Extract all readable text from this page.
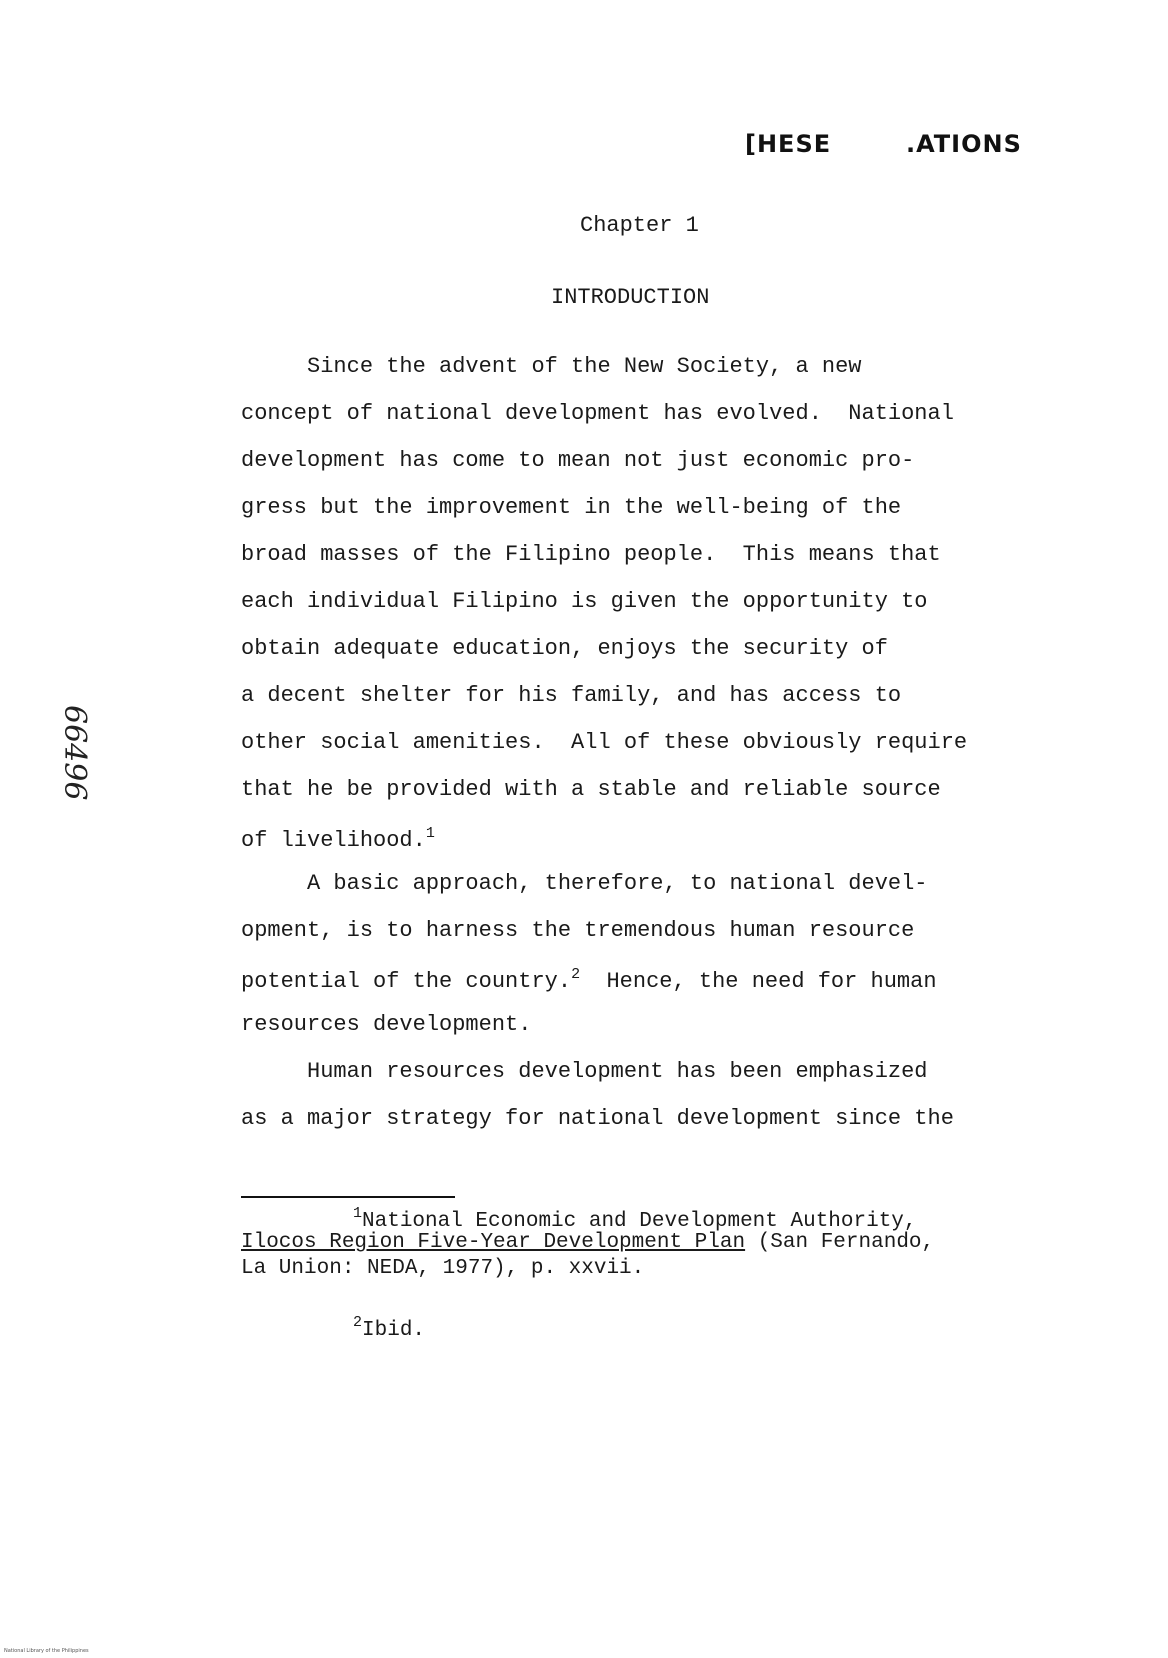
[HESE        .ATIONS
66496
Chapter 1
INTRODUCTION
Since the advent of the New Society, a new
concept of national development has evolved.  National
development has come to mean not just economic pro-
gress but the improvement in the well-being of the
broad masses of the Filipino people.  This means that
each individual Filipino is given the opportunity to
obtain adequate education, enjoys the security of
a decent shelter for his family, and has access to
other social amenities.  All of these obviously require
that he be provided with a stable and reliable source
of livelihood.$^1$
A basic approach, therefore, to national devel-
opment, is to harness the tremendous human resource
potential of the country.$^2$  Hence, the need for human
resources development.
Human resources development has been emphasized
as a major strategy for national development since the
$^1$National Economic and Development Authority,
Ilocos Region Five-Year Development Plan (San Fernando,
La Union: NEDA, 1977), p. xxvii.
$^2$Ibid.
National Library of the Philippines
